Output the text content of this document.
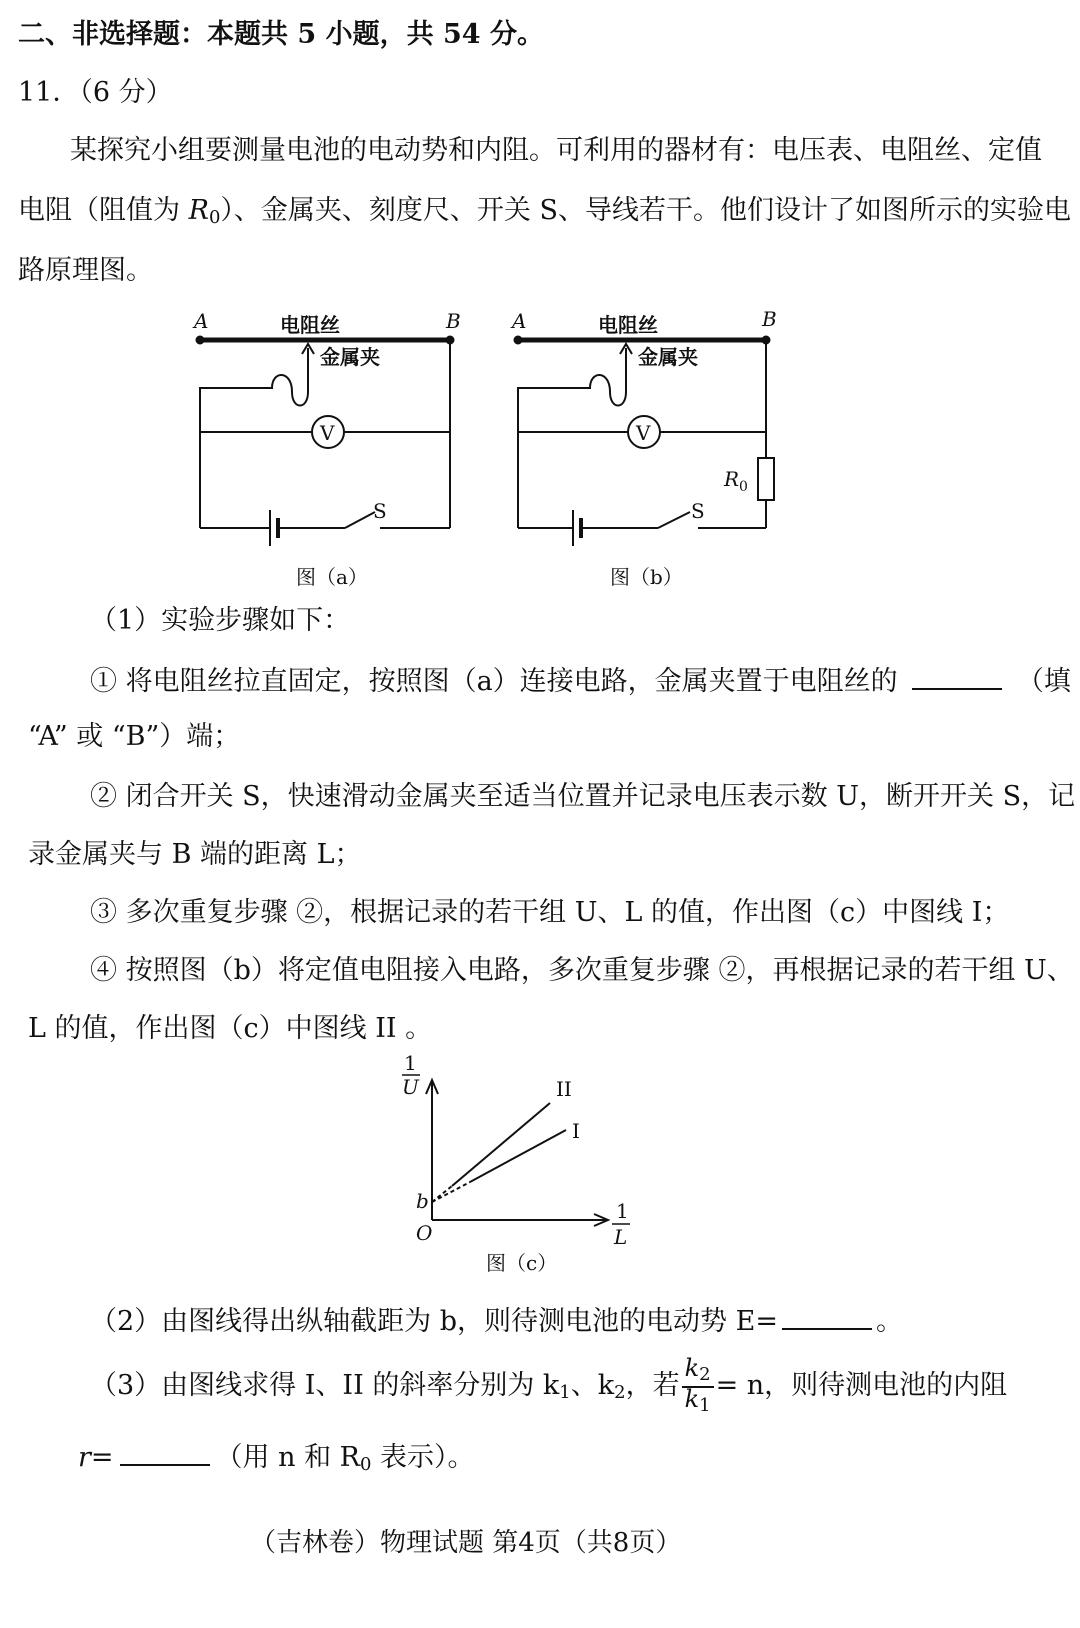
二、非选择题：本题共 5 小题，共 54 分。
11．（6 分）
某探究小组要测量电池的电动势和内阻。可利用的器材有：电压表、电阻丝、定值
电阻（阻值为 $R_0$）、金属夹、刻度尺、开关 S、导线若干。他们设计了如图所示的实验电
路原理图。
A	B
电阻丝
金属夹
V
S
图（a）
A	B
电阻丝
金属夹
V
S
R 0
图（b）
（1）实验步骤如下：
① 将电阻丝拉直固定，按照图（a）连接电路，金属夹置于电阻丝的	（填
“A” 或 “B”）端；
② 闭合开关 S，快速滑动金属夹至适当位置并记录电压表示数 U，断开开关 S，记
录金属夹与 B 端的距离 L；
③ 多次重复步骤 ②，根据记录的若干组 U、L 的值，作出图（c）中图线 I；
④ 按照图（b）将定值电阻接入电路，多次重复步骤 ②，再根据记录的若干组 U、
L 的值，作出图（c）中图线 II 。
1
U
1
L
O
b
II
I
图（c）
（2）由图线得出纵轴截距为 b，则待测电池的电动势 E=	。
（3）由图线求得 I、II 的斜率分别为 $k_1$、$k_2$，若 $\frac{k_2}{k_1} = n$，则待测电池的内阻
r=	（用 n 和 $R_0$ 表示）。
（吉林卷）物理试题 第4页（共8页）
